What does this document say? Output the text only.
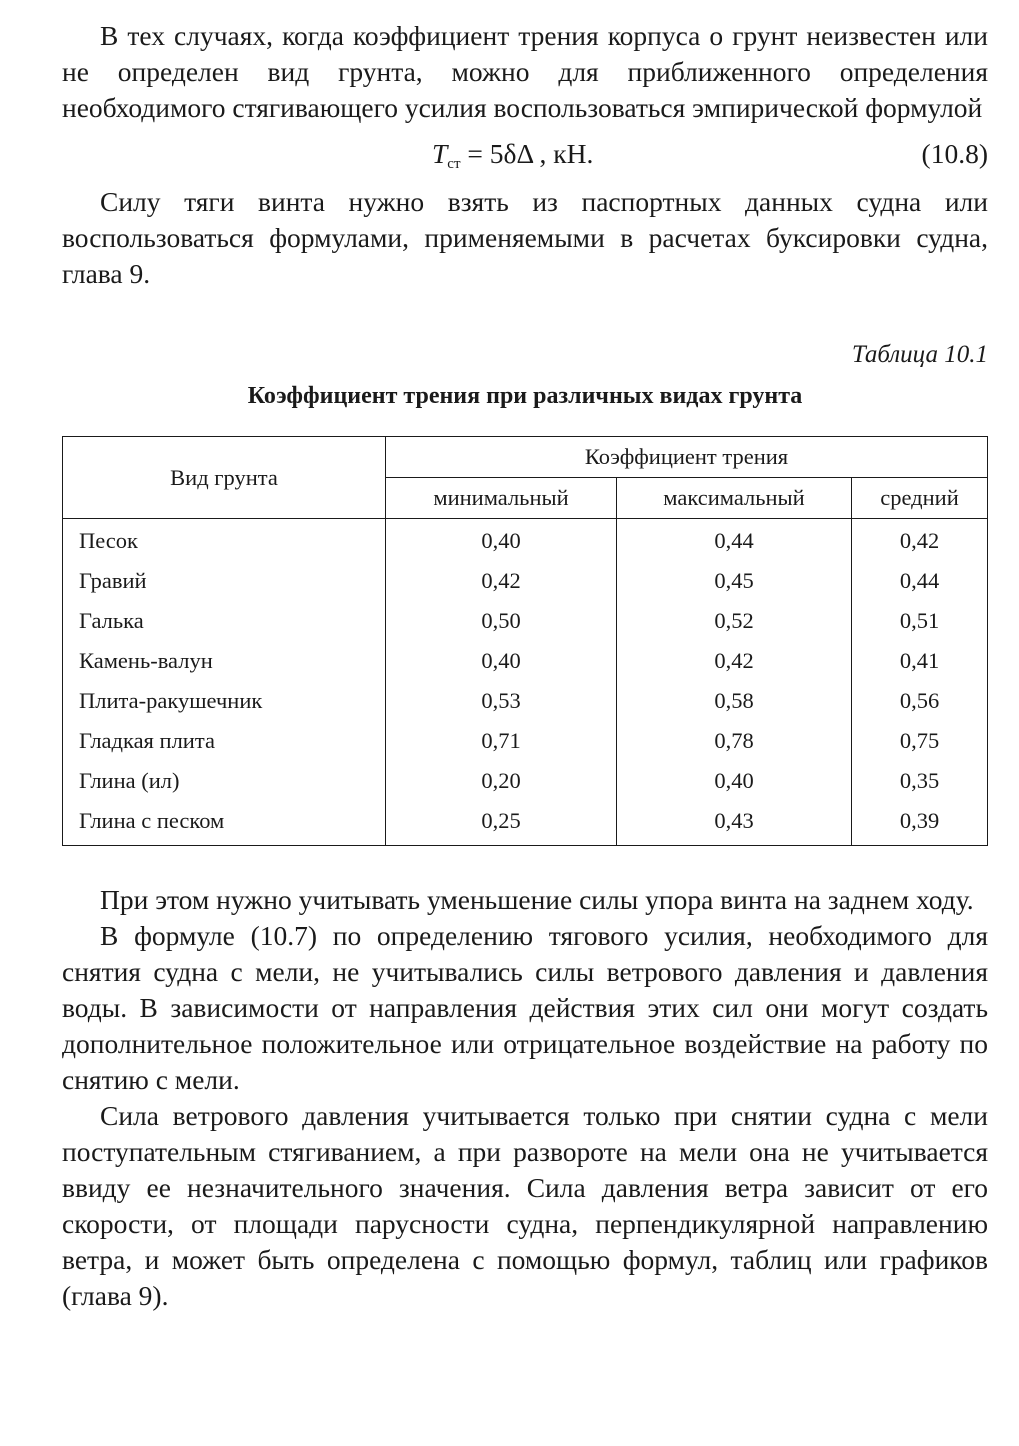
В тех случаях, когда коэффициент трения корпуса о грунт неизвестен или не определен вид грунта, можно для приближенного определения необходимого стягивающего усилия воспользоваться эмпирической формулой

$T_{ст} = 5\delta\Delta$ , кН.	(10.8)

Силу тяги винта нужно взять из паспортных данных судна или воспользоваться формулами, применяемыми в расчетах буксировки судна, глава 9.

Таблица 10.1
Коэффициент трения при различных видах грунта
Вид грунта	Коэффициент трения		
	минимальный	максимальный	средний
Песок	0,40	0,44	0,42
Гравий	0,42	0,45	0,44
Галька	0,50	0,52	0,51
Камень-валун	0,40	0,42	0,41
Плита-ракушечник	0,53	0,58	0,56
Гладкая плита	0,71	0,78	0,75
Глина (ил)	0,20	0,40	0,35
Глина с песком	0,25	0,43	0,39

При этом нужно учитывать уменьшение силы упора винта на заднем ходу.

В формуле (10.7) по определению тягового усилия, необходимого для снятия судна с мели, не учитывались силы ветрового давления и давления воды. В зависимости от направления действия этих сил они могут создать дополнительное положительное или отрицательное воздействие на работу по снятию с мели.

Сила ветрового давления учитывается только при снятии судна с мели поступательным стягиванием, а при развороте на мели она не учитывается ввиду ее незначительного значения. Сила давления ветра зависит от его скорости, от площади парусности судна, перпендикулярной направлению ветра, и может быть определена с помощью формул, таблиц или графиков (глава 9).
